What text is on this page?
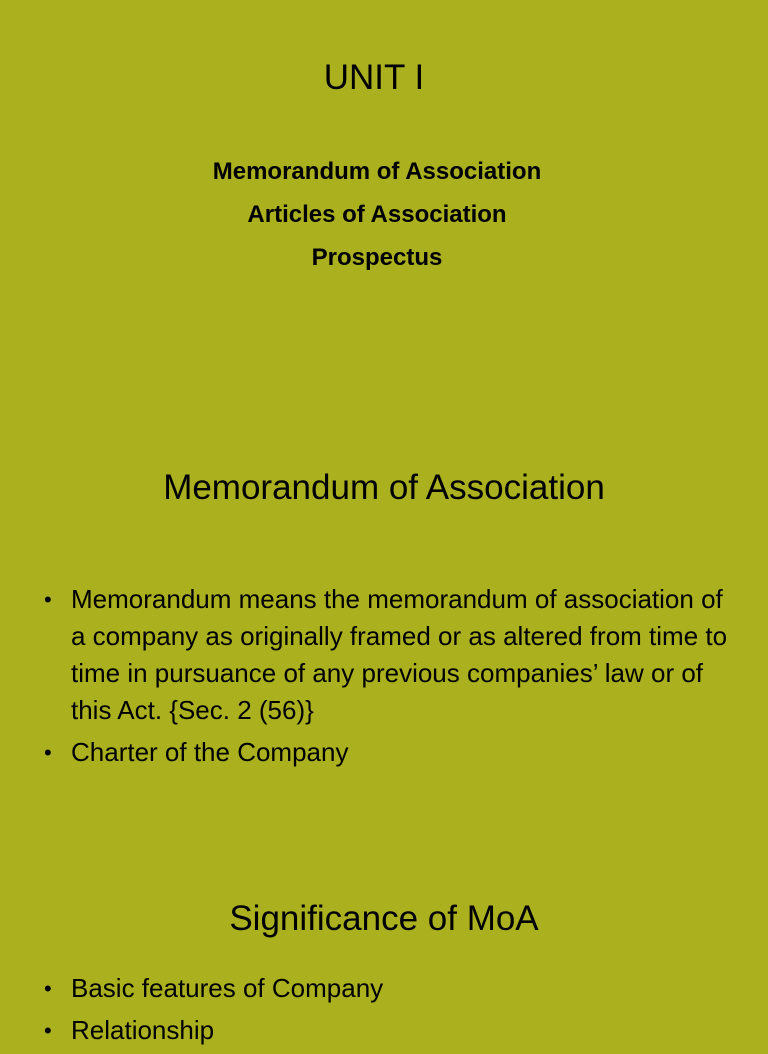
UNIT I
Memorandum of Association
Articles of Association
Prospectus
Memorandum of Association
• Memorandum means the memorandum of association of a company as originally framed or as altered from time to time in pursuance of any previous companies’ law or of this Act. {Sec. 2 (56)}
• Charter of the Company
Significance of MoA
• Basic features of Company
• Relationship
